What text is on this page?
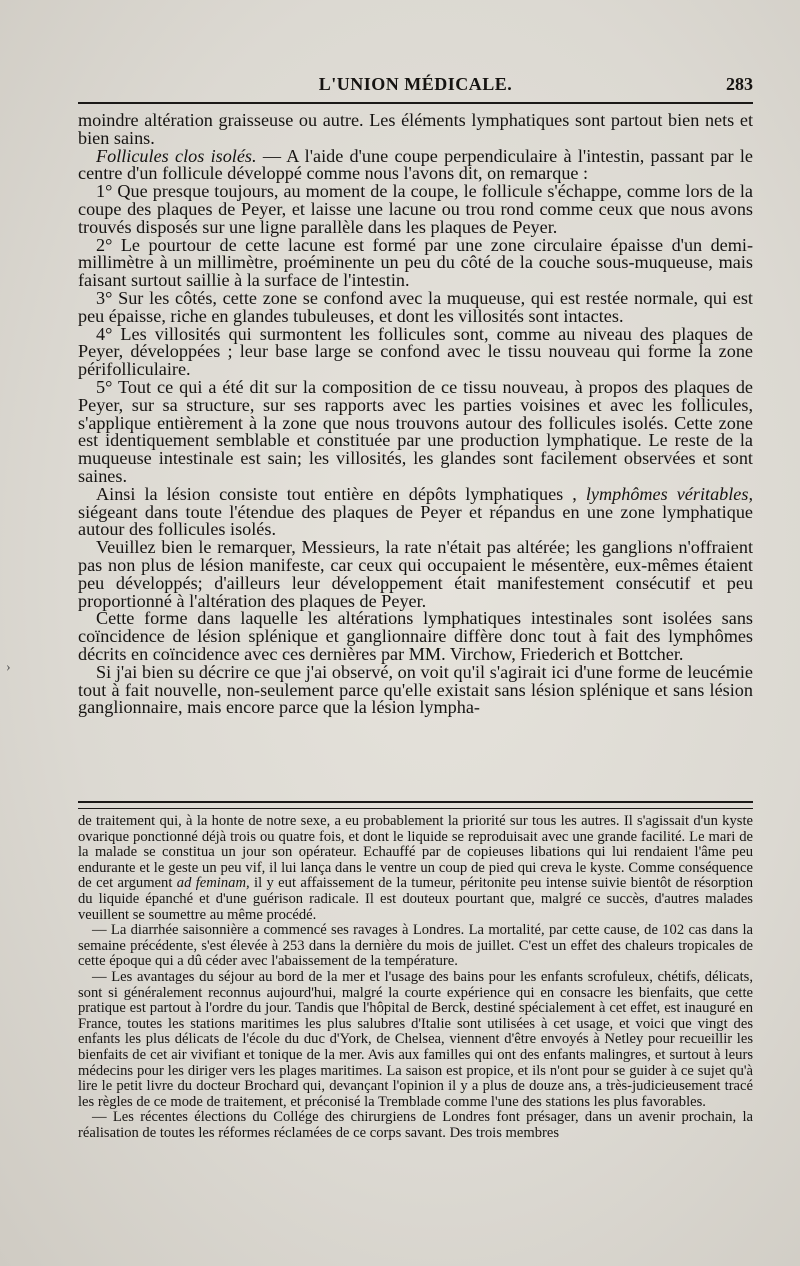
L'UNION MÉDICALE.	283

moindre altération graisseuse ou autre. Les éléments lymphatiques sont partout bien nets et bien sains.

Follicules clos isolés. — A l'aide d'une coupe perpendiculaire à l'intestin, passant par le centre d'un follicule développé comme nous l'avons dit, on remarque :

1° Que presque toujours, au moment de la coupe, le follicule s'échappe, comme lors de la coupe des plaques de Peyer, et laisse une lacune ou trou rond comme ceux que nous avons trouvés disposés sur une ligne parallèle dans les plaques de Peyer.

2° Le pourtour de cette lacune est formé par une zone circulaire épaisse d'un demi-millimètre à un millimètre, proéminente un peu du côté de la couche sous-muqueuse, mais faisant surtout saillie à la surface de l'intestin.

3° Sur les côtés, cette zone se confond avec la muqueuse, qui est restée normale, qui est peu épaisse, riche en glandes tubuleuses, et dont les villosités sont intactes.

4° Les villosités qui surmontent les follicules sont, comme au niveau des plaques de Peyer, développées ; leur base large se confond avec le tissu nouveau qui forme la zone périfolliculaire.

5° Tout ce qui a été dit sur la composition de ce tissu nouveau, à propos des plaques de Peyer, sur sa structure, sur ses rapports avec les parties voisines et avec les follicules, s'applique entièrement à la zone que nous trouvons autour des follicules isolés. Cette zone est identiquement semblable et constituée par une production lymphatique. Le reste de la muqueuse intestinale est sain; les villosités, les glandes sont facilement observées et sont saines.

Ainsi la lésion consiste tout entière en dépôts lymphatiques , lymphômes véritables, siégeant dans toute l'étendue des plaques de Peyer et répandus en une zone lymphatique autour des follicules isolés.

Veuillez bien le remarquer, Messieurs, la rate n'était pas altérée; les ganglions n'offraient pas non plus de lésion manifeste, car ceux qui occupaient le mésentère, eux-mêmes étaient peu développés; d'ailleurs leur développement était manifestement consécutif et peu proportionné à l'altération des plaques de Peyer.

Cette forme dans laquelle les altérations lymphatiques intestinales sont isolées sans coïncidence de lésion splénique et ganglionnaire diffère donc tout à fait des lymphômes décrits en coïncidence avec ces dernières par MM. Virchow, Friederich et Bottcher.

Si j'ai bien su décrire ce que j'ai observé, on voit qu'il s'agirait ici d'une forme de leucémie tout à fait nouvelle, non-seulement parce qu'elle existait sans lésion splénique et sans lésion ganglionnaire, mais encore parce que la lésion lympha-

de traitement qui, à la honte de notre sexe, a eu probablement la priorité sur tous les autres. Il s'agissait d'un kyste ovarique ponctionné déjà trois ou quatre fois, et dont le liquide se reproduisait avec une grande facilité. Le mari de la malade se constitua un jour son opérateur. Echauffé par de copieuses libations qui lui rendaient l'âme peu endurante et le geste un peu vif, il lui lança dans le ventre un coup de pied qui creva le kyste. Comme conséquence de cet argument ad feminam, il y eut affaissement de la tumeur, péritonite peu intense suivie bientôt de résorption du liquide épanché et d'une guérison radicale. Il est douteux pourtant que, malgré ce succès, d'autres malades veuillent se soumettre au même procédé.

— La diarrhée saisonnière a commencé ses ravages à Londres. La mortalité, par cette cause, de 102 cas dans la semaine précédente, s'est élevée à 253 dans la dernière du mois de juillet. C'est un effet des chaleurs tropicales de cette époque qui a dû céder avec l'abaissement de la température.

— Les avantages du séjour au bord de la mer et l'usage des bains pour les enfants scrofuleux, chétifs, délicats, sont si généralement reconnus aujourd'hui, malgré la courte expérience qui en consacre les bienfaits, que cette pratique est partout à l'ordre du jour. Tandis que l'hôpital de Berck, destiné spécialement à cet effet, est inauguré en France, toutes les stations maritimes les plus salubres d'Italie sont utilisées à cet usage, et voici que vingt des enfants les plus délicats de l'école du duc d'York, de Chelsea, viennent d'être envoyés à Netley pour recueillir les bienfaits de cet air vivifiant et tonique de la mer. Avis aux familles qui ont des enfants malingres, et surtout à leurs médecins pour les diriger vers les plages maritimes. La saison est propice, et ils n'ont pour se guider à ce sujet qu'à lire le petit livre du docteur Brochard qui, devançant l'opinion il y a plus de douze ans, a très-judicieusement tracé les règles de ce mode de traitement, et préconisé la Tremblade comme l'une des stations les plus favorables.

— Les récentes élections du Collége des chirurgiens de Londres font présager, dans un avenir prochain, la réalisation de toutes les réformes réclamées de ce corps savant. Des trois membres

›
